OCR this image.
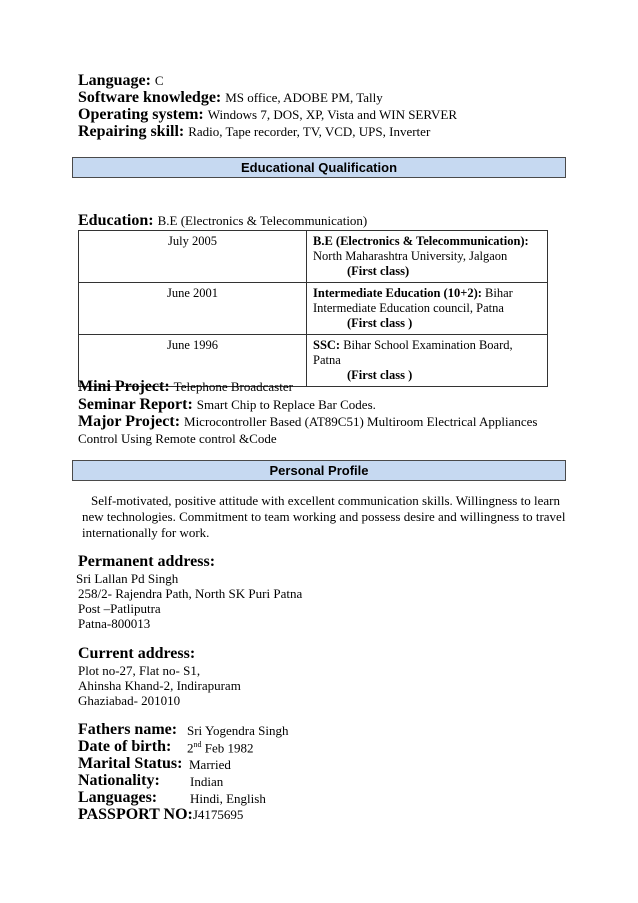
Language: C
Software knowledge: MS office, ADOBE PM, Tally
Operating system: Windows 7, DOS, XP, Vista and WIN SERVER
Repairing skill: Radio, Tape recorder, TV, VCD, UPS, Inverter
Educational Qualification
Education: B.E (Electronics & Telecommunication)
July 2005	B.E (Electronics & Telecommunication):
North Maharashtra University, Jalgaon
(First class)

June 2001	Intermediate Education (10+2): Bihar Intermediate Education council, Patna
(First class )

June 1996	SSC: Bihar School Examination Board, Patna
(First class )
Mini Project: Telephone Broadcaster
Seminar Report: Smart Chip to Replace Bar Codes.
Major Project: Microcontroller Based (AT89C51) Multiroom Electrical Appliances
Control Using Remote control &Code
Personal Profile
Self-motivated, positive attitude with excellent communication skills. Willingness to learn new technologies. Commitment to team working and possess desire and willingness to travel internationally for work.
Permanent address:
Sri Lallan Pd Singh
258/2- Rajendra Path, North SK Puri Patna
Post –Patliputra
Patna-800013
Current address:
Plot no-27, Flat no- S1,
Ahinsha Khand-2, Indirapuram
Ghaziabad- 201010
Fathers name: Sri Yogendra Singh
Date of birth: 2nd Feb 1982
Marital Status: Married
Nationality: Indian
Languages:	Hindi, English
PASSPORT NO:J4175695
